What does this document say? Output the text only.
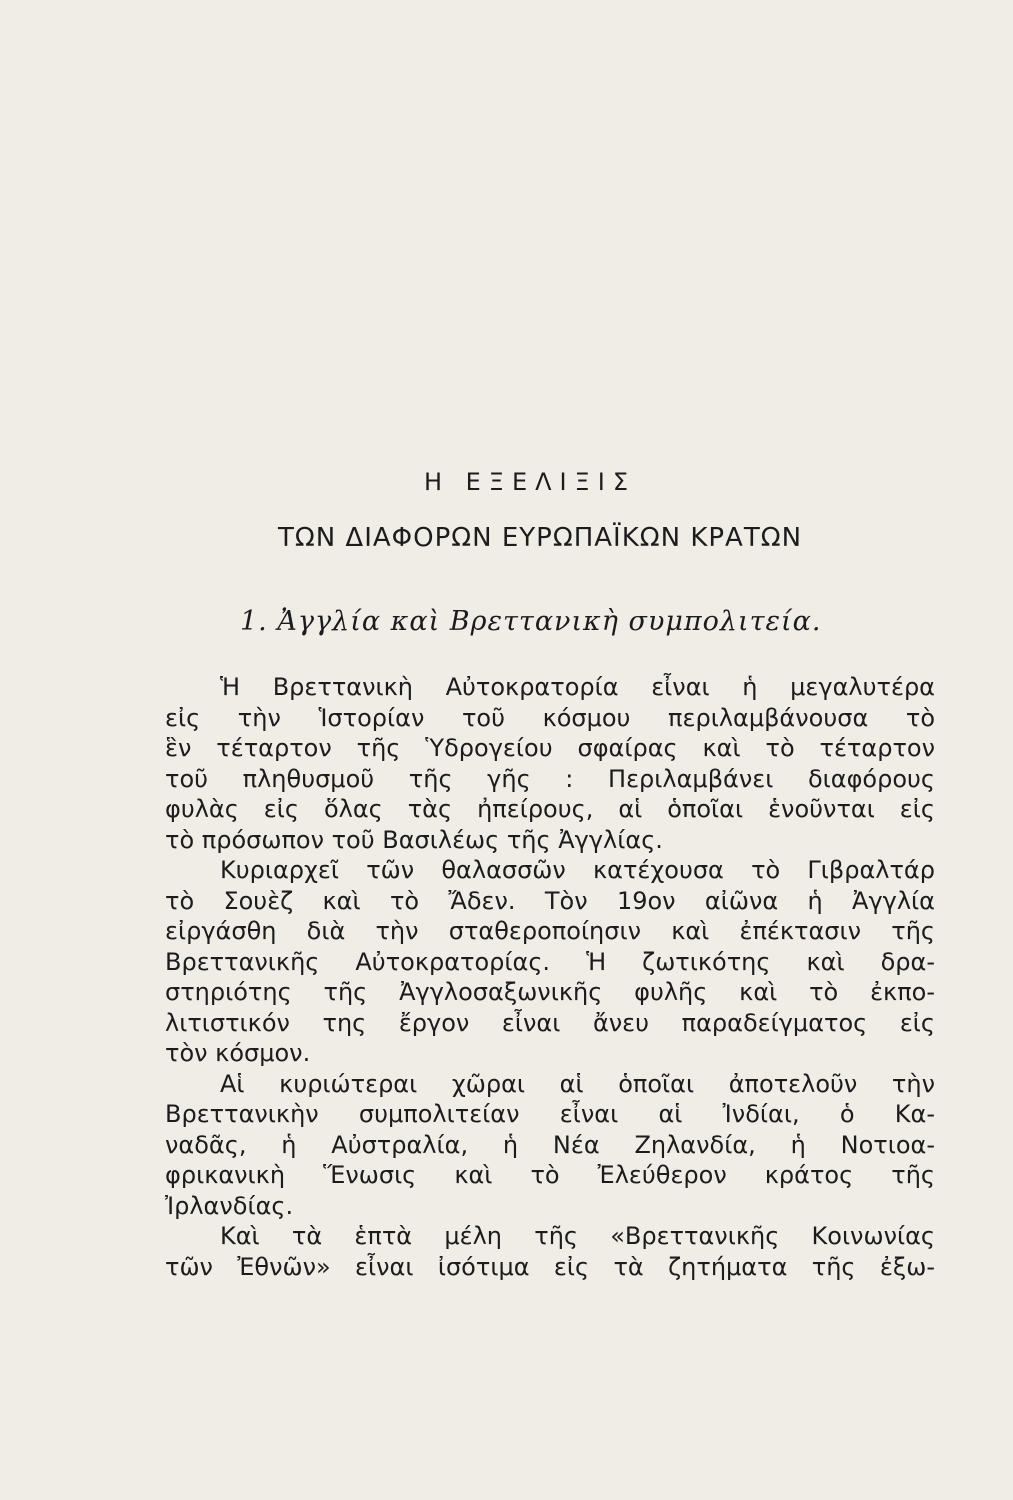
Η ΕΞΕΛΙΞΙΣ
ΤΩΝ ΔΙΑΦΟΡΩΝ ΕΥΡΩΠΑΪΚΩΝ ΚΡΑΤΩΝ
1. Ἀγγλία καὶ Βρεττανικὴ συμπολιτεία.
Ἡ Βρεττανικὴ Αὐτοκρατορία εἶναι ἡ μεγαλυτέρα
εἰς τὴν Ἱστορίαν τοῦ κόσμου περιλαμβάνουσα τὸ
ἓν τέταρτον τῆς Ὑδρογείου σφαίρας καὶ τὸ τέταρτον
τοῦ πληθυσμοῦ τῆς γῆς : Περιλαμβάνει διαφόρους
φυλὰς εἰς ὅλας τὰς ἠπείρους, αἱ ὁποῖαι ἑνοῦνται εἰς
τὸ πρόσωπον τοῦ Βασιλέως τῆς Ἀγγλίας.
Κυριαρχεῖ τῶν θαλασσῶν κατέχουσα τὸ Γιβραλτάρ
τὸ Σουὲζ καὶ τὸ Ἄδεν. Τὸν 19ον αἰῶνα ἡ Ἀγγλία
εἰργάσθη διὰ τὴν σταθεροποίησιν καὶ ἐπέκτασιν τῆς
Βρεττανικῆς Αὐτοκρατορίας. Ἡ ζωτικότης καὶ δρα-
στηριότης τῆς Ἀγγλοσαξωνικῆς φυλῆς καὶ τὸ ἐκπο-
λιτιστικόν της ἔργον εἶναι ἄνευ παραδείγματος εἰς
τὸν κόσμον.
Αἱ κυριώτεραι χῶραι αἱ ὁποῖαι ἀποτελοῦν τὴν
Βρεττανικὴν συμπολιτείαν εἶναι αἱ Ἰνδίαι, ὁ Κα-
ναδᾶς, ἡ Αὐστραλία, ἡ Νέα Ζηλανδία, ἡ Νοτιοα-
φρικανικὴ Ἕνωσις καὶ τὸ Ἐλεύθερον κράτος τῆς
Ἰρλανδίας.
Καὶ τὰ ἑπτὰ μέλη τῆς «Βρεττανικῆς Κοινωνίας
τῶν Ἐθνῶν» εἶναι ἰσότιμα εἰς τὰ ζητήματα τῆς ἐξω-
